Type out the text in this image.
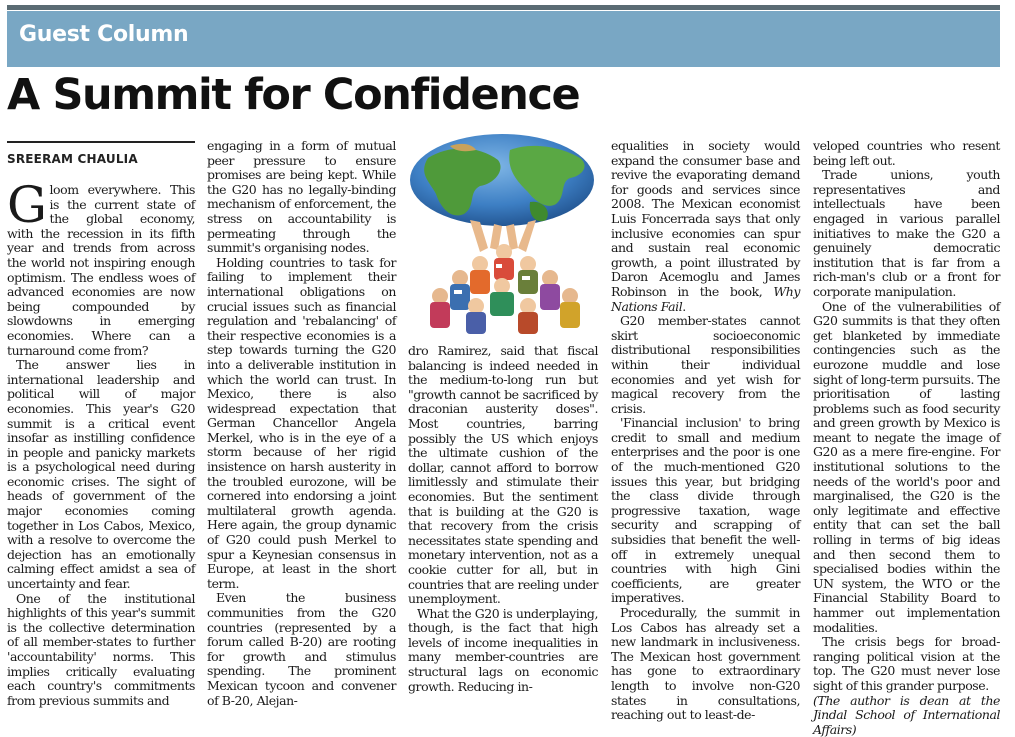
Guest Column
A Summit for Confidence
SREERAM CHAULIA

Gloom everywhere. This is the current state of the global economy, with the recession in its fifth year and trends from across the world not inspiring enough optimism. The endless woes of advanced economies are now being compounded by slowdowns in emerging economies. Where can a turnaround come from?

The answer lies in international leadership and political will of major economies. This year's G20 summit is a critical event insofar as instilling confidence in people and panicky markets is a psychological need during economic crises. The sight of heads of government of the major economies coming together in Los Cabos, Mexico, with a resolve to overcome the dejection has an emotionally calming effect amidst a sea of uncertainty and fear.

One of the institutional highlights of this year's summit is the collective determination of all member-states to further 'accountability' norms. This implies critically evaluating each country's commitments from previous summits and

engaging in a form of mutual peer pressure to ensure promises are being kept. While the G20 has no legally-binding mechanism of enforcement, the stress on accountability is permeating through the summit's organising nodes.

Holding countries to task for failing to implement their international obligations on crucial issues such as financial regulation and 'rebalancing' of their respective economies is a step towards turning the G20 into a deliverable institution in which the world can trust. In Mexico, there is also widespread expectation that German Chancellor Angela Merkel, who is in the eye of a storm because of her rigid insistence on harsh austerity in the troubled eurozone, will be cornered into endorsing a joint multilateral growth agenda. Here again, the group dynamic of G20 could push Merkel to spur a Keynesian consensus in Europe, at least in the short term.

Even the business communities from the G20 countries (represented by a forum called B-20) are rooting for growth and stimulus spending. The prominent Mexican tycoon and convener of B-20, Alejan-

dro Ramirez, said that fiscal balancing is indeed needed in the medium-to-long run but "growth cannot be sacrificed by draconian austerity doses". Most countries, barring possibly the US which enjoys the ultimate cushion of the dollar, cannot afford to borrow limitlessly and stimulate their economies. But the sentiment that is building at the G20 is that recovery from the crisis necessitates state spending and monetary intervention, not as a cookie cutter for all, but in countries that are reeling under unemployment.

What the G20 is underplaying, though, is the fact that high levels of income inequalities in many member-countries are structural lags on economic growth. Reducing in-

equalities in society would expand the consumer base and revive the evaporating demand for goods and services since 2008. The Mexican economist Luis Foncerrada says that only inclusive economies can spur and sustain real economic growth, a point illustrated by Daron Acemoglu and James Robinson in the book, Why Nations Fail.

G20 member-states cannot skirt socioeconomic distributional responsibilities within their individual economies and yet wish for magical recovery from the crisis.

'Financial inclusion' to bring credit to small and medium enterprises and the poor is one of the much-mentioned G20 issues this year, but bridging the class divide through progressive taxation, wage security and scrapping of subsidies that benefit the well-off in extremely unequal countries with high Gini coefficients, are greater imperatives.

Procedurally, the summit in Los Cabos has already set a new landmark in inclusiveness. The Mexican host government has gone to extraordinary length to involve non-G20 states in consultations, reaching out to least-de-

veloped countries who resent being left out.

Trade unions, youth representatives and intellectuals have been engaged in various parallel initiatives to make the G20 a genuinely democratic institution that is far from a rich-man's club or a front for corporate manipulation.

One of the vulnerabilities of G20 summits is that they often get blanketed by immediate contingencies such as the eurozone muddle and lose sight of long-term pursuits. The prioritisation of lasting problems such as food security and green growth by Mexico is meant to negate the image of G20 as a mere fire-engine. For institutional solutions to the needs of the world's poor and marginalised, the G20 is the only legitimate and effective entity that can set the ball rolling in terms of big ideas and then second them to specialised bodies within the UN system, the WTO or the Financial Stability Board to hammer out implementation modalities.

The crisis begs for broad-ranging political vision at the top. The G20 must never lose sight of this grander purpose.

(The author is dean at the Jindal School of International Affairs)
